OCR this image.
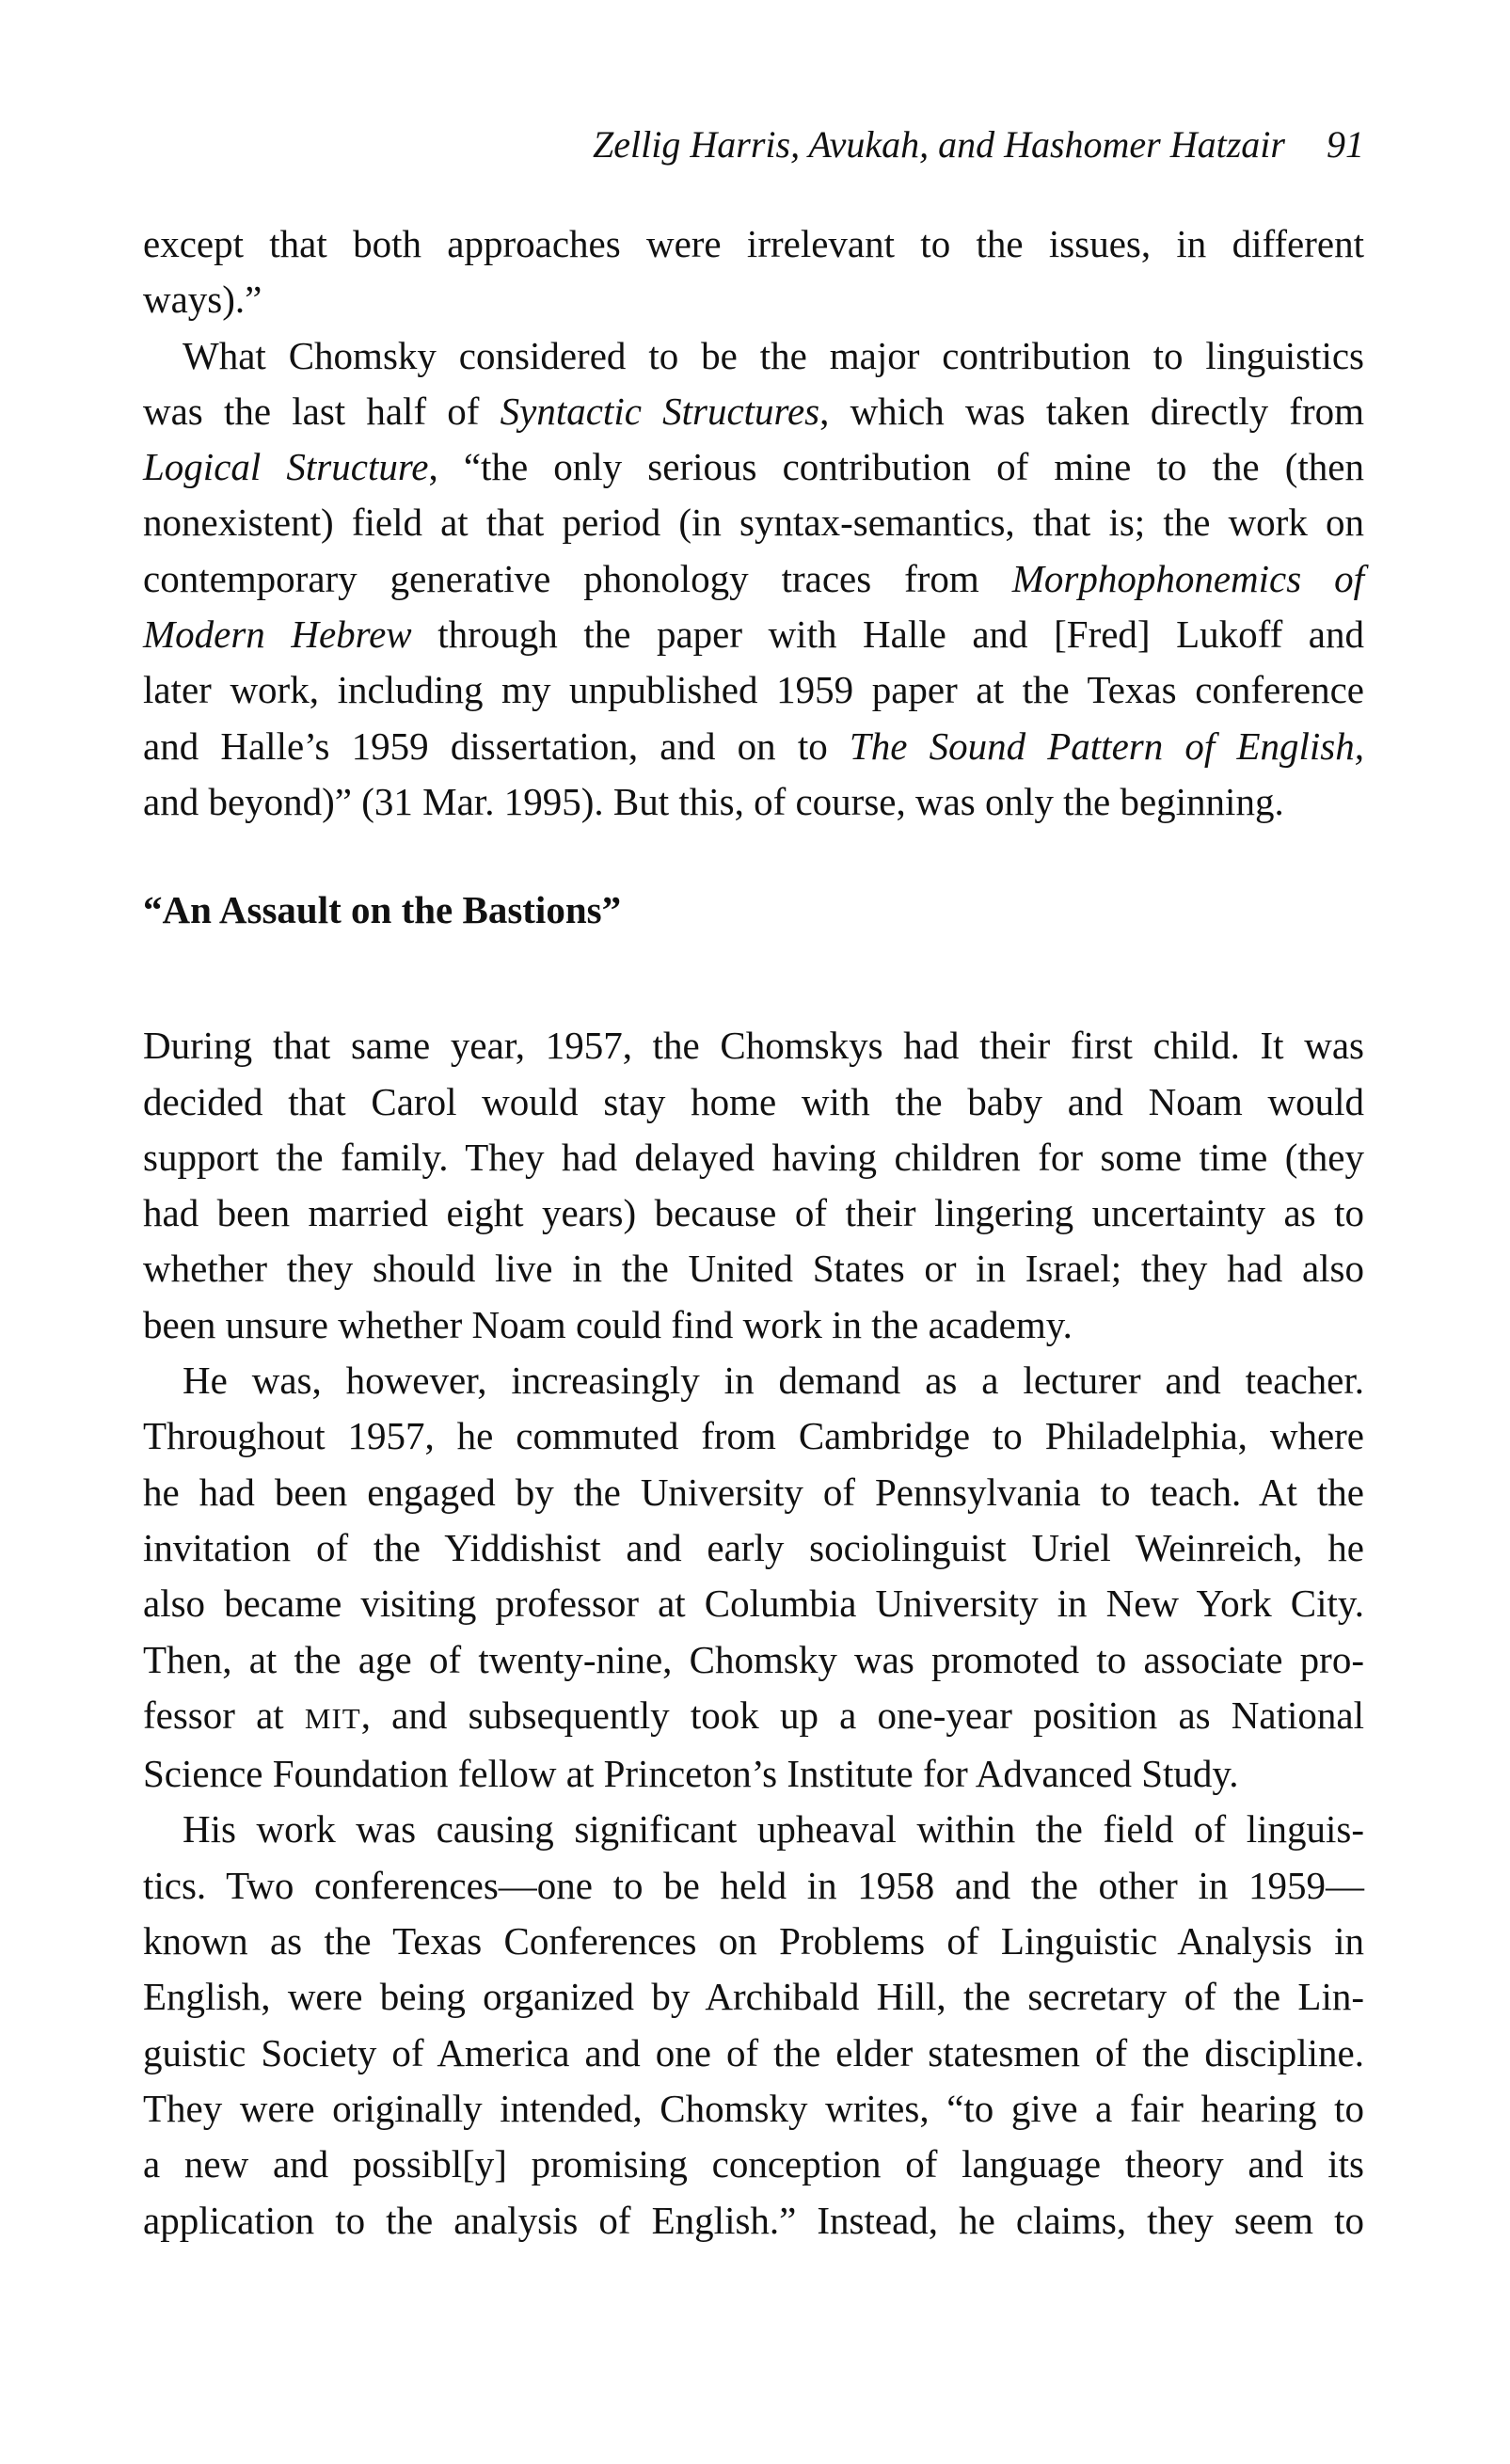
Zellig Harris, Avukah, and Hashomer Hatzair 91

except that both approaches were irrelevant to the issues, in different
ways).”

What Chomsky considered to be the major contribution to linguistics
was the last half of Syntactic Structures, which was taken directly from
Logical Structure, “the only serious contribution of mine to the (then
nonexistent) field at that period (in syntax-semantics, that is; the work on
contemporary generative phonology traces from Morphophonemics of
Modern Hebrew through the paper with Halle and [Fred] Lukoff and
later work, including my unpublished 1959 paper at the Texas conference
and Halle’s 1959 dissertation, and on to The Sound Pattern of English,
and beyond)” (31 Mar. 1995). But this, of course, was only the beginning.

“An Assault on the Bastions”

During that same year, 1957, the Chomskys had their first child. It was
decided that Carol would stay home with the baby and Noam would
support the family. They had delayed having children for some time (they
had been married eight years) because of their lingering uncertainty as to
whether they should live in the United States or in Israel; they had also
been unsure whether Noam could find work in the academy.

He was, however, increasingly in demand as a lecturer and teacher.
Throughout 1957, he commuted from Cambridge to Philadelphia, where
he had been engaged by the University of Pennsylvania to teach. At the
invitation of the Yiddishist and early sociolinguist Uriel Weinreich, he
also became visiting professor at Columbia University in New York City.
Then, at the age of twenty-nine, Chomsky was promoted to associate pro-
fessor at MIT, and subsequently took up a one-year position as National
Science Foundation fellow at Princeton’s Institute for Advanced Study.

His work was causing significant upheaval within the field of linguis-
tics. Two conferences—one to be held in 1958 and the other in 1959—
known as the Texas Conferences on Problems of Linguistic Analysis in
English, were being organized by Archibald Hill, the secretary of the Lin-
guistic Society of America and one of the elder statesmen of the discipline.
They were originally intended, Chomsky writes, “to give a fair hearing to
a new and possibl[y] promising conception of language theory and its
application to the analysis of English.” Instead, he claims, they seem to
